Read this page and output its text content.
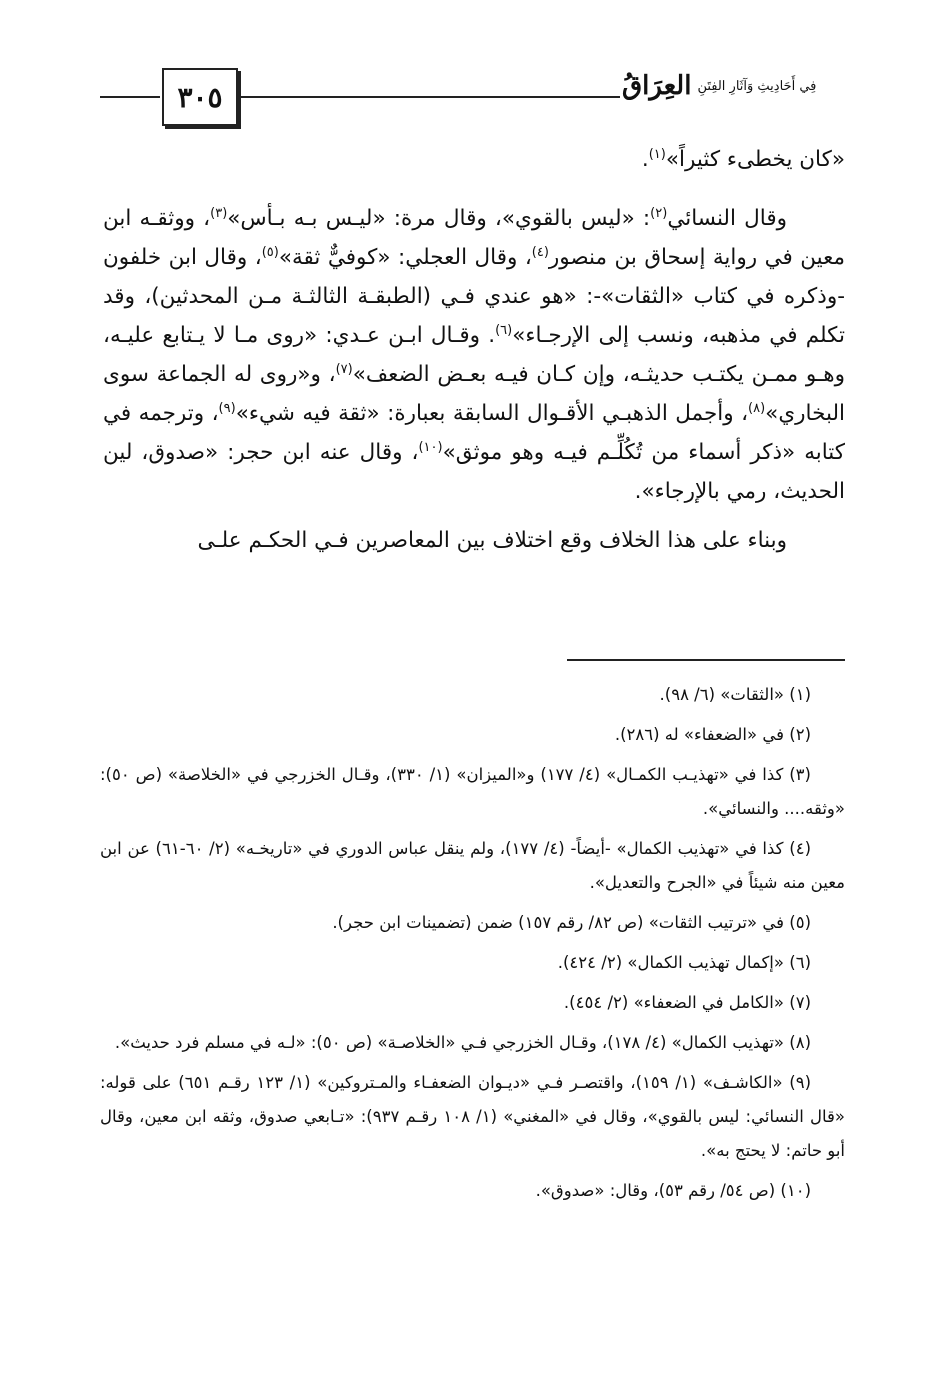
٣٠٥	فِي أَحَادِيثِ وَآثَارِ الفِتَنِ
العِرَاقُ

«كان يخطىء كثيراً»$^{(١)}$.

وقال النسائي$^{(٢)}$: «ليس بالقوي»، وقال مرة: «ليـس بـه بـأس»$^{(٣)}$، ووثقـه ابن معين في رواية إسحاق بن منصور$^{(٤)}$، وقال العجلي: «كوفيٌّ ثقة»$^{(٥)}$، وقال ابن خلفون -وذكره في كتاب «الثقات»-: «هو عندي فـي (الطبقـة الثالثـة مـن المحدثين)، وقد تكلم في مذهبه، ونسب إلى الإرجـاء»$^{(٦)}$. وقـال ابـن عـدي: «روى مـا لا يـتابع عليـه، وهـو ممـن يكتـب حديثـه، وإن كـان فيـه بعـض الضعف»$^{(٧)}$، و«روى له الجماعة سوى البخاري»$^{(٨)}$، وأجمل الذهبـي الأقـوال السابقة بعبارة: «ثقة فيه شيء»$^{(٩)}$، وترجمه في كتابه «ذكر أسماء من تُكُلِّـم فيـه وهو موثق»$^{(١٠)}$، وقال عنه ابن حجر: «صدوق، لين الحديث، رمي بالإرجاء».

وبناء على هذا الخلاف وقع اختلاف بين المعاصرين فـي الحكـم علـى

(١) «الثقات» (٦/ ٩٨).

(٢) في «الضعفاء» له (٢٨٦).

(٣) كذا في «تهذيـب الكمـال» (٤/ ١٧٧) و«الميزان» (١/ ٣٣٠)، وقـال الخزرجي في «الخلاصة» (ص ٥٠): «وثقه.... والنسائي».

(٤) كذا في «تهذيب الكمال» -أيضاً- (٤/ ١٧٧)، ولم ينقل عباس الدوري في «تاريخـه» (٢/ ٦٠-٦١) عن ابن معين منه شيئاً في «الجرح والتعديل».

(٥) في «ترتيب الثقات» (ص ٨٢/ رقم ١٥٧) ضمن (تضمينات ابن حجر).

(٦) «إكمال تهذيب الكمال» (٢/ ٤٢٤).

(٧) «الكامل في الضعفاء» (٢/ ٤٥٤).

(٨) «تهذيب الكمال» (٤/ ١٧٨)، وقـال الخزرجي فـي «الخلاصـة» (ص ٥٠): «لـه في مسلم فرد حديث».

(٩) «الكاشـف» (١/ ١٥٩)، واقتصـر فـي «ديـوان الضعفـاء والمـتروكين» (١/ ١٢٣ رقـم ٦٥١) على قوله: «قال النسائي: ليس بالقوي»، وقال في «المغني» (١/ ١٠٨ رقـم ٩٣٧): «تـابعي صدوق، وثقه ابن معين، وقال أبو حاتم: لا يحتج به».

(١٠) (ص ٥٤/ رقم ٥٣)، وقال: «صدوق».
